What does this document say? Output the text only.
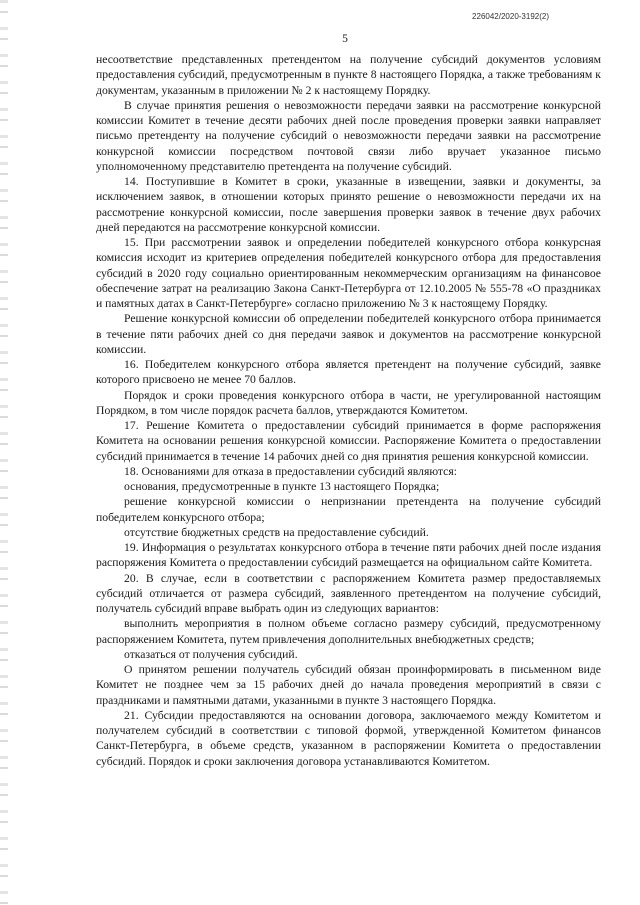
226042/2020-3192(2)
5

несоответствие представленных претендентом на получение субсидий документов условиям предоставления субсидий, предусмотренным в пункте 8 настоящего Порядка, а также требованиям к документам, указанным в приложении № 2 к настоящему Порядку.

В случае принятия решения о невозможности передачи заявки на рассмотрение конкурсной комиссии Комитет в течение десяти рабочих дней после проведения проверки заявки направляет письмо претенденту на получение субсидий о невозможности передачи заявки на рассмотрение конкурсной комиссии посредством почтовой связи либо вручает указанное письмо уполномоченному представителю претендента на получение субсидий.

14. Поступившие в Комитет в сроки, указанные в извещении, заявки и документы, за исключением заявок, в отношении которых принято решение о невозможности передачи их на рассмотрение конкурсной комиссии, после завершения проверки заявок в течение двух рабочих дней передаются на рассмотрение конкурсной комиссии.

15. При рассмотрении заявок и определении победителей конкурсного отбора конкурсная комиссия исходит из критериев определения победителей конкурсного отбора для предоставления субсидий в 2020 году социально ориентированным некоммерческим организациям на финансовое обеспечение затрат на реализацию Закона Санкт-Петербурга от 12.10.2005 № 555-78 «О праздниках и памятных датах в Санкт-Петербурге» согласно приложению № 3 к настоящему Порядку.

Решение конкурсной комиссии об определении победителей конкурсного отбора принимается в течение пяти рабочих дней со дня передачи заявок и документов на рассмотрение конкурсной комиссии.

16. Победителем конкурсного отбора является претендент на получение субсидий, заявке которого присвоено не менее 70 баллов.

Порядок и сроки проведения конкурсного отбора в части, не урегулированной настоящим Порядком, в том числе порядок расчета баллов, утверждаются Комитетом.

17. Решение Комитета о предоставлении субсидий принимается в форме распоряжения Комитета на основании решения конкурсной комиссии. Распоряжение Комитета о предоставлении субсидий принимается в течение 14 рабочих дней со дня принятия решения конкурсной комиссии.

18. Основаниями для отказа в предоставлении субсидий являются:

основания, предусмотренные в пункте 13 настоящего Порядка;

решение конкурсной комиссии о непризнании претендента на получение субсидий победителем конкурсного отбора;

отсутствие бюджетных средств на предоставление субсидий.

19. Информация о результатах конкурсного отбора в течение пяти рабочих дней после издания распоряжения Комитета о предоставлении субсидий размещается на официальном сайте Комитета.

20. В случае, если в соответствии с распоряжением Комитета размер предоставляемых субсидий отличается от размера субсидий, заявленного претендентом на получение субсидий, получатель субсидий вправе выбрать один из следующих вариантов:

выполнить мероприятия в полном объеме согласно размеру субсидий, предусмотренному распоряжением Комитета, путем привлечения дополнительных внебюджетных средств;

отказаться от получения субсидий.

О принятом решении получатель субсидий обязан проинформировать в письменном виде Комитет не позднее чем за 15 рабочих дней до начала проведения мероприятий в связи с праздниками и памятными датами, указанными в пункте 3 настоящего Порядка.

21. Субсидии предоставляются на основании договора, заключаемого между Комитетом и получателем субсидий в соответствии с типовой формой, утвержденной Комитетом финансов Санкт-Петербурга, в объеме средств, указанном в распоряжении Комитета о предоставлении субсидий. Порядок и сроки заключения договора устанавливаются Комитетом.
